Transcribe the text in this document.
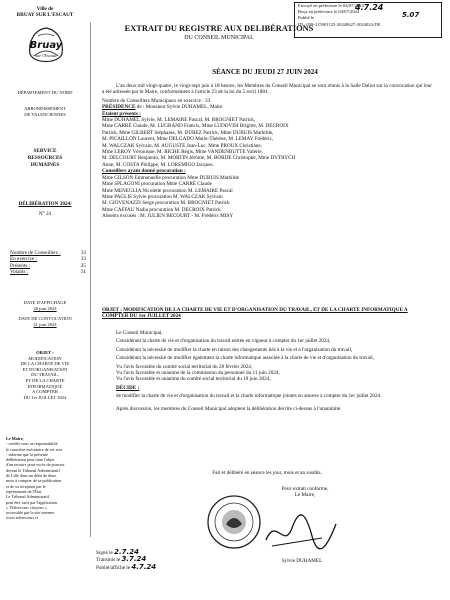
Envoyé en préfecture le 04/07/2024
Reçu en préfecture le 04/07/2024
Publié le
ID : 059-215901125-20240627-2024024-DE
4.7.24
5.07
Ville de
BRUAY SUR L'ESCAUT
Bruay
sur l'Escaut
DÉPARTEMENT DU NORD
ARRONDISSEMENT
DE VALENCIENNES
SERVICE
RESSOURCES
HUMAINES
DÉLIBÉRATION 2024/
N° 24
Nombre de Conseillers :	33
En exercice :	33
Présents :	25
Votants :	31
DATE D'AFFICHAGE
28 juin 2024
DATE DE CONVOCATION
21 juin 2024
OBJET :
MODIFICATION
DE LA CHARTE DE VIE
ET D'ORGANISATION
DU TRAVAIL,
ET DE LA CHARTE
INFORMATIQUE
A COMPTER
DU 1er JUILLET 2024
Le Maire,
- certifie sous sa responsabilité
le caractère exécutoire de cet acte
- informe que la présente
délibération peut faire l'objet
d'un recours pour excès de pouvoir
devant le Tribunal Administratif
de Lille dans un délai de deux
mois à compter de sa publication
et de sa réception par le
représentant de l'État.
Le Tribunal Administratif
peut être saisi par l'application
« Télérecours citoyens »
accessible par le site internet
www.telerecours.fr
EXTRAIT DU REGISTRE AUX DELIBÉRATIONS
DU CONSEIL MUNICIPAL
SÉANCE DU JEUDI 27 JUIN 2024

L'an deux mil vingt-quatre, le vingt-sept juin à 18 heures, les Membres du Conseil Municipal se sont réunis à la Salle Daliot sur la convocation qui leur a été adressée par le Maire, conformément à l'article 23 de la loi du 5 avril 1884.

Nombre de Conseillers Municipaux en exercice : 33
PRÉSIDENCE de : Monsieur Sylvie DUHAMEL, Maire
Étaient présents :
Mme DUHAMEL Sylvie, M. LEMAIRE Pascal, M. BROGNIET Patrick,
Mme CARRÉ Claude, M. LUGRAND Francis, Mme LUDOVISI Brigitte, M. DECROIX
Patrick, Mme GILBERT Stéphanie, M. DUREZ Patrick, Mme DUBUIS Mathilde,
M. PICAILLON Laurent, Mme DELGADO Marie-Thérèse, M. LEMAY Frédéric,
M. WALCZAK Sylvain, M. AUGUSTE Jean-Luc, Mme PROUX Christiane,
Mme LEROY Véronique, M. RICHE Régis, Mme VANDENBUTTE Valérie,
M. DELCOURT Benjamin, M. MORTIN Jérôme, M. BORDE Christophe, Mme DYTRYCH
Anne, M. COSTA Philippe, M. LOREMIGO Jacques.
Conseillers ayant donné procuration :
Mme GILSON Emmanuelle procuration Mme DUBUIS Mathilde
Mme SPLAGONI procuration Mme CARRÉ Claude
Mme MENEGLIA Nicolette procuration M. LEMAIRE Pascal
Mme PAGLIS Sylvie procuration M. WALCZAK Sylvain
M. GIOVENAZZI Serge procuration M. BROGNIET Patrick
Mme CAFFAU Nadia procuration M. DECROIX Patrick
Absents excusés : M. JULIEN BECOURT - M. Frédéric MISY
OBJET : MODIFICATION DE LA CHARTE DE VIE ET D'ORGANISATION DU TRAVAIL, ET DE LA CHARTE INFORMATIQUE A COMPTER DU 1er JUILLET 2024

Le Conseil Municipal,

Considérant la charte de vie et d'organisation du travail entrée en vigueur à compter du 1er juillet 2024,

Considérant la nécessité de modifier la charte en raison des changements liés à la vie et à l'organisation du travail,

Considérant la nécessité de modifier également la charte informatique associée à la charte de vie et d'organisation du travail,

Vu l'avis favorable du comité social territorial du 28 février 2024,

Vu l'avis favorable et unanime de la commission du personnel du 11 juin 2024,

Vu l'avis favorable et unanime du comité social territorial du 18 juin 2024,

DÉCIDE :

de modifier la charte de vie et d'organisation du travail et la charte informatique jointes en annexe à compter du 1er juillet 2024.

Après discussion, les membres du Conseil Municipal adoptent la délibération décrite ci-dessus à l'unanimité.

Fait et délibéré en séance les jour, mois et an susdits.
Pour extrait conforme,
Le Maire,
Sylvie DUHAMEL
Signé le 2.7.24
Transmis le 3.7.24
Publié/affiché le 4.7.24
